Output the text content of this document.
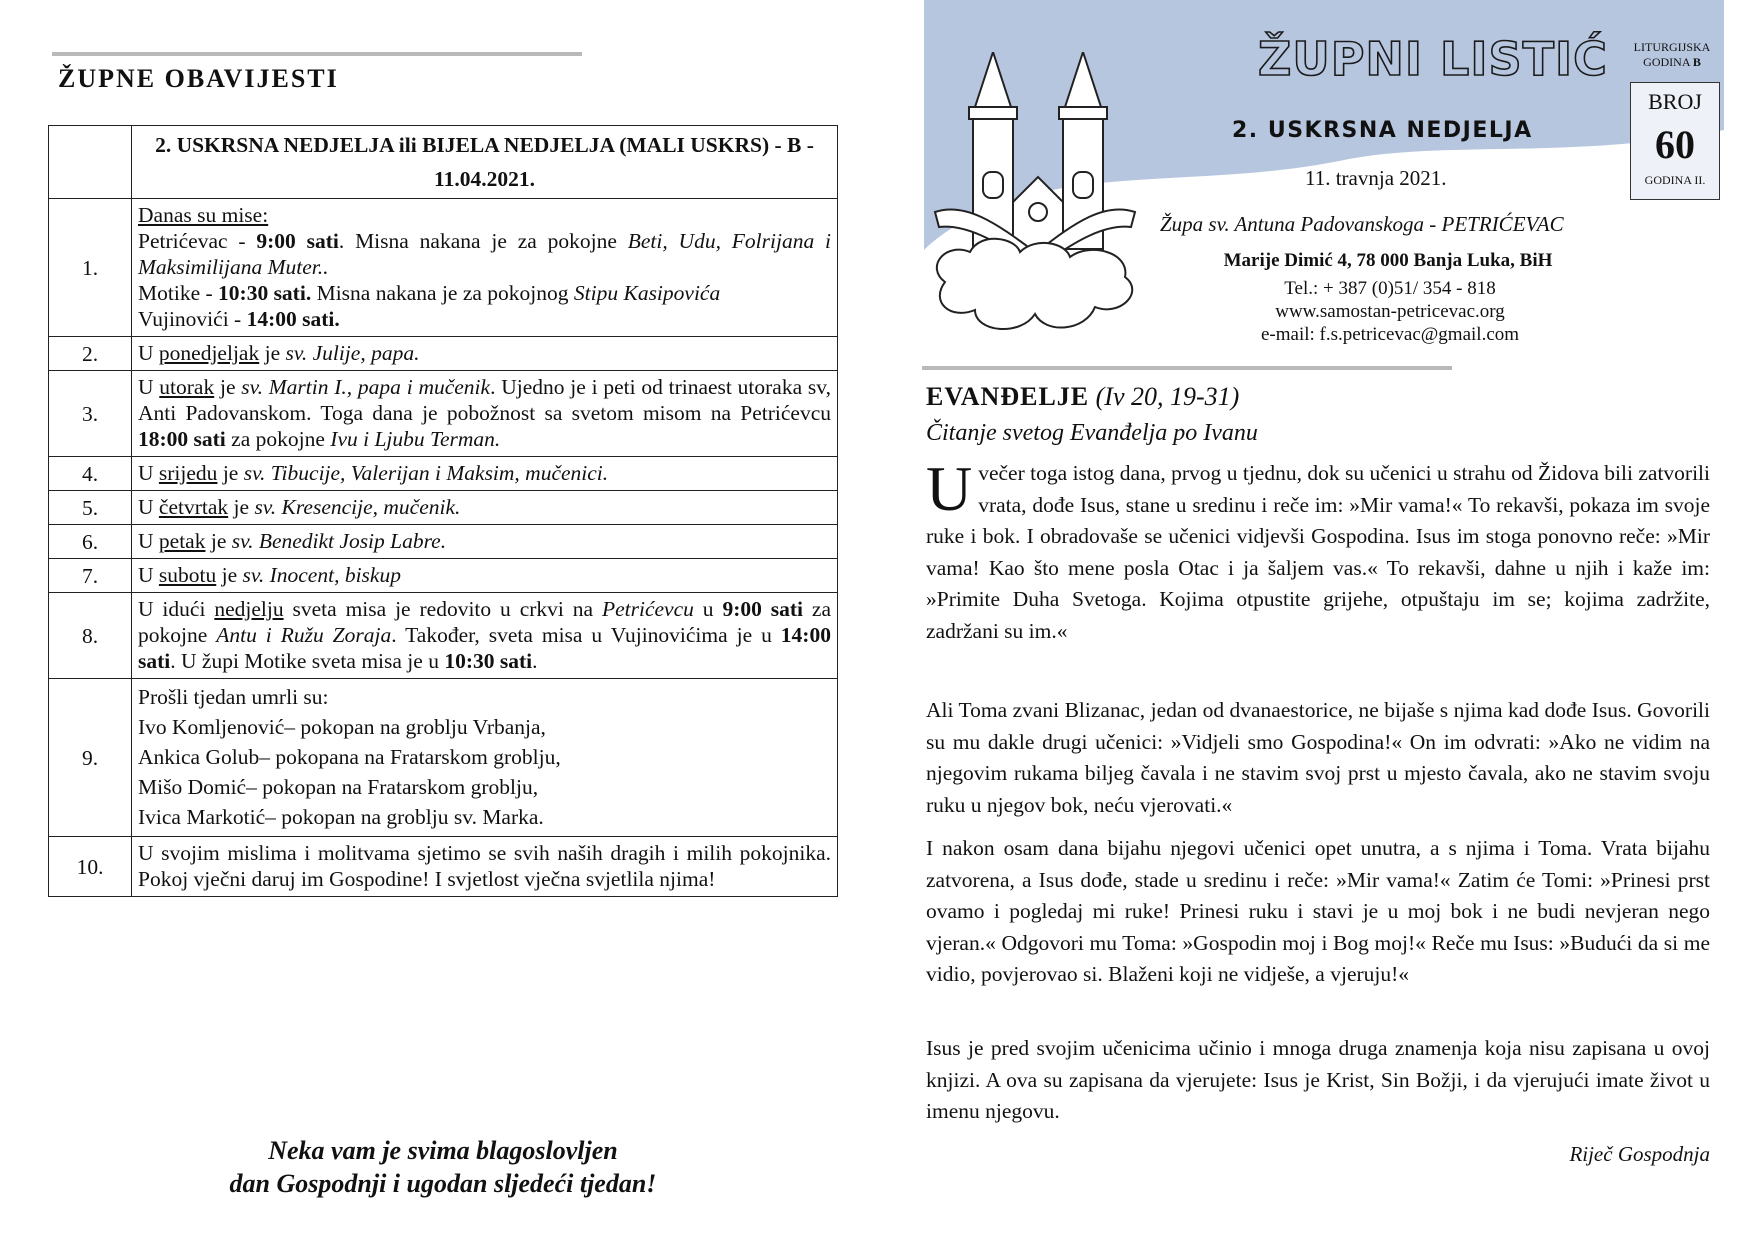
ŽUPNE OBAVIJESTI
	2. USKRSNA NEDJELJA ili BIJELA NEDJELJA (MALI USKRS) - B - 11.04.2021.
1.	Danas su mise:
Petrićevac - 9:00 sati. Misna nakana je za pokojne Beti, Udu, Folrijana i Maksimilijana Muter..
Motike - 10:30 sati. Misna nakana je za pokojnog Stipu Kasipovića
Vujinovići - 14:00 sati.

2.	U ponedjeljak je sv. Julije, papa.
3.	U utorak je sv. Martin I., papa i mučenik. Ujedno je i peti od trinaest utoraka sv, Anti Padovanskom. Toga dana je pobožnost sa svetom misom na Petrićevcu 18:00 sati za pokojne Ivu i Ljubu Terman.
4.	U srijedu je sv. Tibucije, Valerijan i Maksim, mučenici.
5.	U četvrtak je sv. Kresencije, mučenik.
6.	U petak je sv. Benedikt Josip Labre.
7.	U subotu je sv. Inocent, biskup
8.	U idući nedjelju sveta misa je redovito u crkvi na Petrićevcu u 9:00 sati za pokojne Antu i Ružu Zoraja. Također, sveta misa u Vujinovićima je u 14:00 sati. U župi Motike sveta misa je u 10:30 sati.
9.	Prošli tjedan umrli su:
Ivo Komljenović– pokopan na groblju Vrbanja,
Ankica Golub– pokopana na Fratarskom groblju,
Mišo Domić– pokopan na Fratarskom groblju,
Ivica Markotić– pokopan na groblju sv. Marka.

10.	U svojim mislima i molitvama sjetimo se svih naših dragih i milih pokojnika. Pokoj vječni daruj im Gospodine! I svjetlost vječna svjetlila njima!
Neka vam je svima blagoslovljen
dan Gospodnji i ugodan sljedeći tjedan!
ŽUPNI LISTIĆ
2. USKRSNA NEDJELJA
11. travnja 2021.
Župa sv. Antuna Padovanskoga - PETRIĆEVAC
Marije Dimić 4, 78 000 Banja Luka, BiH
Tel.: + 387 (0)51/ 354 - 818
www.samostan-petricevac.org
e-mail: f.s.petricevac@gmail.com
LITURGIJSKA
GODINA B
BROJ
60
GODINA II.
EVANĐELJE (Iv 20, 19-31)
Čitanje svetog Evanđelja po Ivanu
Uvečer toga istog dana, prvog u tjednu, dok su učenici u strahu od Židova bili zatvorili vrata, dođe Isus, stane u sredinu i reče im: »Mir vama!« To rekavši, pokaza im svoje ruke i bok. I obradovaše se učenici vidjevši Gospodina. Isus im stoga ponovno reče: »Mir vama! Kao što mene posla Otac i ja šaljem vas.« To rekavši, dahne u njih i kaže im: »Primite Duha Svetoga. Kojima otpustite grijehe, otpuštaju im se; kojima zadržite, zadržani su im.«
Ali Toma zvani Blizanac, jedan od dvanaestorice, ne bijaše s njima kad dođe Isus. Govorili su mu dakle drugi učenici: »Vidjeli smo Gospodina!« On im odvrati: »Ako ne vidim na njegovim rukama biljeg čavala i ne stavim svoj prst u mjesto čavala, ako ne stavim svoju ruku u njegov bok, neću vjerovati.«
I nakon osam dana bijahu njegovi učenici opet unutra, a s njima i Toma. Vrata bijahu zatvorena, a Isus dođe, stade u sredinu i reče: »Mir vama!« Zatim će Tomi: »Prinesi prst ovamo i pogledaj mi ruke! Prinesi ruku i stavi je u moj bok i ne budi nevjeran nego vjeran.« Odgovori mu Toma: »Gospodin moj i Bog moj!« Reče mu Isus: »Budući da si me vidio, povjerovao si. Blaženi koji ne vidješe, a vjeruju!«
Isus je pred svojim učenicima učinio i mnoga druga znamenja koja nisu zapisana u ovoj knjizi. A ova su zapisana da vjerujete: Isus je Krist, Sin Božji, i da vjerujući imate život u imenu njegovu.
Riječ Gospodnja
